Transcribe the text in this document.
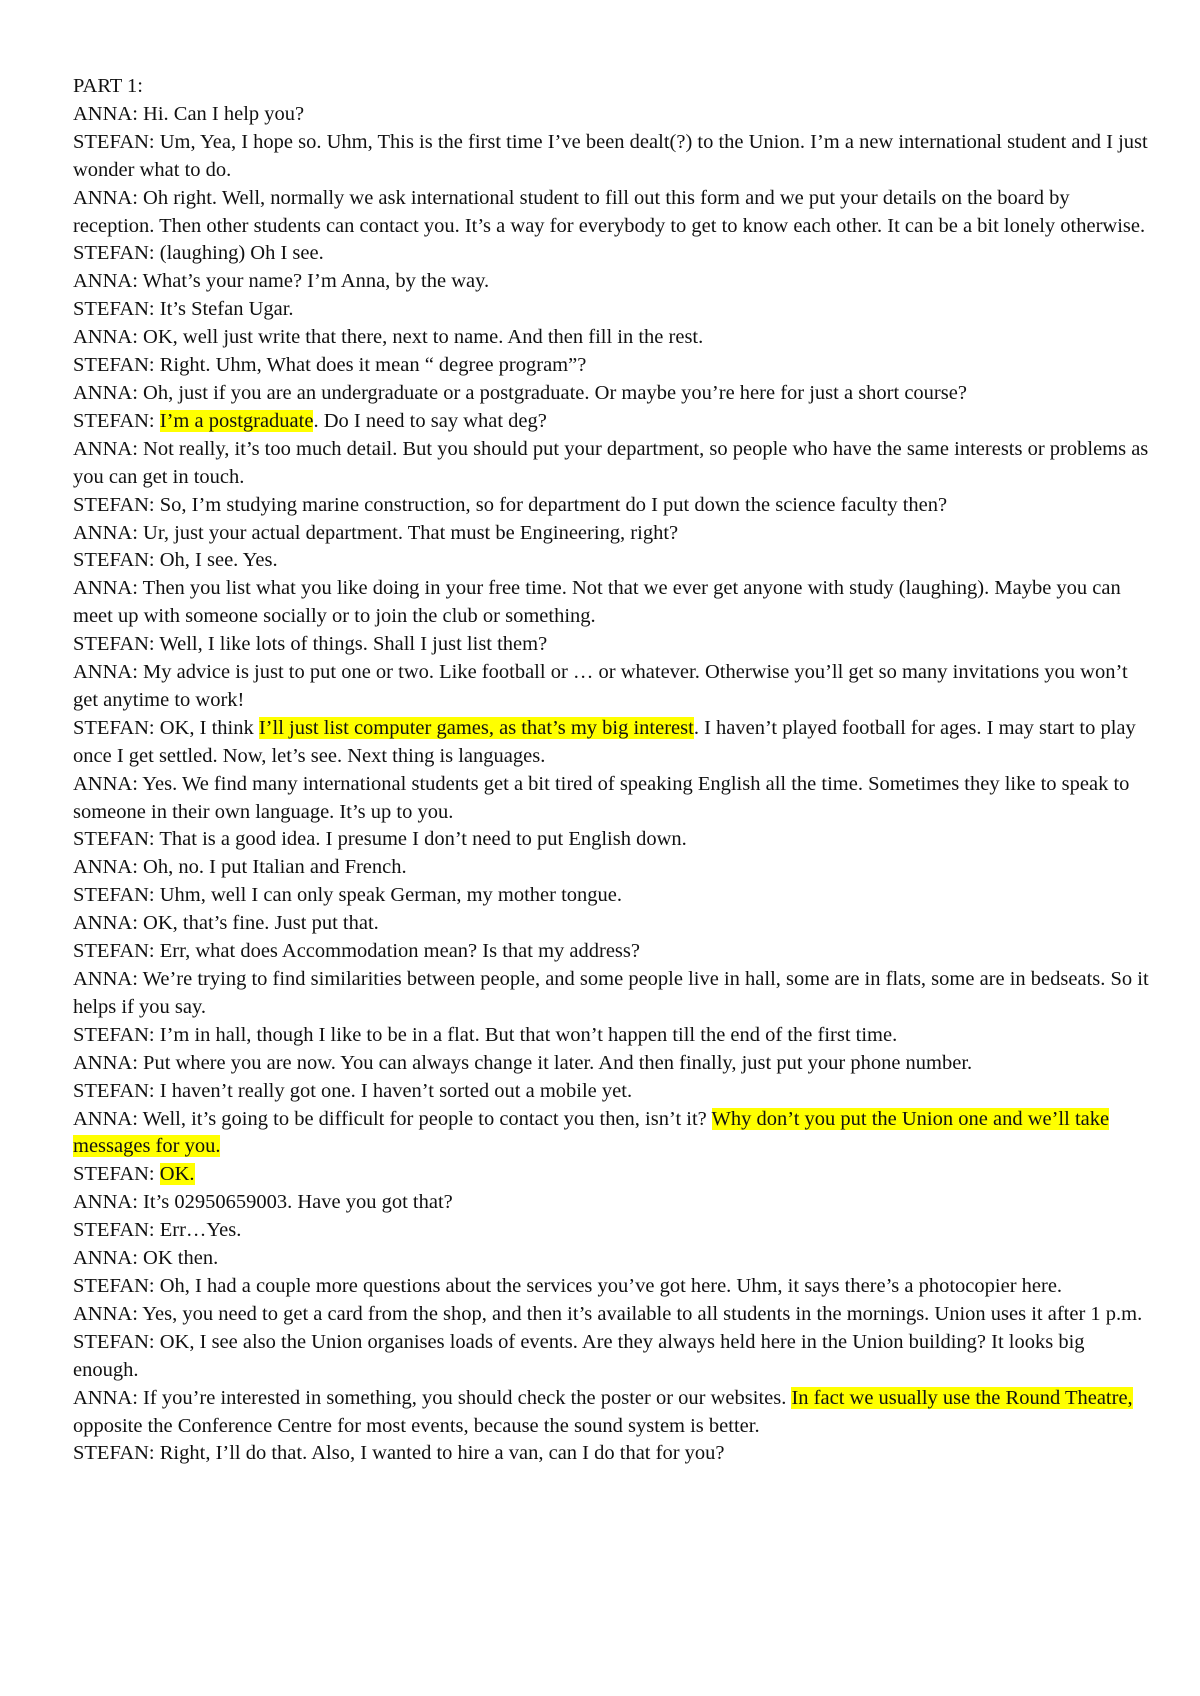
PART 1:

ANNA: Hi. Can I help you?

STEFAN: Um, Yea, I hope so. Uhm, This is the first time I’ve been dealt(?) to the Union. I’m a new international student and I just wonder what to do.

ANNA: Oh right. Well, normally we ask international student to fill out this form and we put your details on the board by reception. Then other students can contact you. It’s a way for everybody to get to know each other. It can be a bit lonely otherwise.

STEFAN: (laughing) Oh I see.

ANNA: What’s your name? I’m Anna, by the way.

STEFAN: It’s Stefan Ugar.

ANNA: OK, well just write that there, next to name. And then fill in the rest.

STEFAN: Right. Uhm, What does it mean “ degree program”?

ANNA: Oh, just if you are an undergraduate or a postgraduate. Or maybe you’re here for just a short course?

STEFAN: I’m a postgraduate. Do I need to say what deg?

ANNA: Not really, it’s too much detail. But you should put your department, so people who have the same interests or problems as you can get in touch.

STEFAN: So, I’m studying marine construction, so for department do I put down the science faculty then?

ANNA: Ur, just your actual department. That must be Engineering, right?

STEFAN: Oh, I see. Yes.

ANNA: Then you list what you like doing in your free time. Not that we ever get anyone with study (laughing). Maybe you can meet up with someone socially or to join the club or something.

STEFAN: Well, I like lots of things. Shall I just list them?

ANNA: My advice is just to put one or two. Like football or … or whatever. Otherwise you’ll get so many invitations you won’t get anytime to work!

STEFAN: OK, I think I’ll just list computer games, as that’s my big interest. I haven’t played football for ages. I may start to play once I get settled. Now, let’s see. Next thing is languages.

ANNA: Yes. We find many international students get a bit tired of speaking English all the time. Sometimes they like to speak to someone in their own language. It’s up to you.

STEFAN: That is a good idea. I presume I don’t need to put English down.

ANNA: Oh, no. I put Italian and French.

STEFAN: Uhm, well I can only speak German, my mother tongue.

ANNA: OK, that’s fine. Just put that.

STEFAN: Err, what does Accommodation mean? Is that my address?

ANNA: We’re trying to find similarities between people, and some people live in hall, some are in flats, some are in bedseats. So it helps if you say.

STEFAN: I’m in hall, though I like to be in a flat. But that won’t happen till the end of the first time.

ANNA: Put where you are now. You can always change it later. And then finally, just put your phone number.

STEFAN: I haven’t really got one. I haven’t sorted out a mobile yet.

ANNA: Well, it’s going to be difficult for people to contact you then, isn’t it? Why don’t you put the Union one and we’ll take messages for you.

STEFAN: OK.

ANNA: It’s 02950659003. Have you got that?

STEFAN: Err…Yes.

ANNA: OK then.

STEFAN: Oh, I had a couple more questions about the services you’ve got here. Uhm, it says there’s a photocopier here.

ANNA: Yes, you need to get a card from the shop, and then it’s available to all students in the mornings. Union uses it after 1 p.m.

STEFAN: OK, I see also the Union organises loads of events. Are they always held here in the Union building? It looks big enough.

ANNA: If you’re interested in something, you should check the poster or our websites. In fact we usually use the Round Theatre, opposite the Conference Centre for most events, because the sound system is better.

STEFAN: Right, I’ll do that. Also, I wanted to hire a van, can I do that for you?
